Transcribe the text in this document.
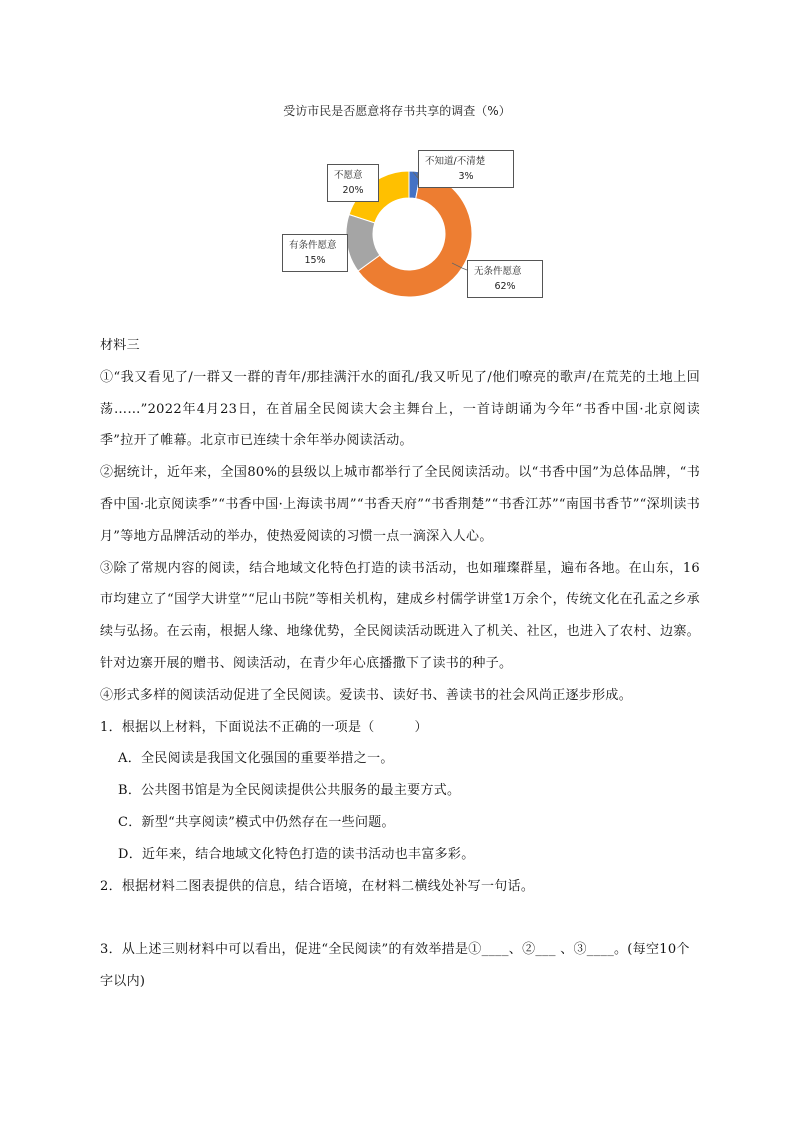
受访市民是否愿意将存书共享的调查（%）
不知道/不清楚
3%
无条件愿意
62%
有条件愿意
15%
不愿意
20%

材料三

①“我又看见了/一群又一群的青年/那挂满汗水的面孔/我又听见了/他们嘹亮的歌声/在荒芜的土地上回荡……”2022年4月23日，在首届全民阅读大会主舞台上，一首诗朗诵为今年“书香中国·北京阅读季”拉开了帷幕。北京市已连续十余年举办阅读活动。

②据统计，近年来，全国80%的县级以上城市都举行了全民阅读活动。以“书香中国”为总体品牌，“书香中国·北京阅读季”“书香中国·上海读书周”“书香天府”“书香荆楚”“书香江苏”“南国书香节”“深圳读书月”等地方品牌活动的举办，使热爱阅读的习惯一点一滴深入人心。

③除了常规内容的阅读，结合地域文化特色打造的读书活动，也如璀璨群星，遍布各地。在山东，16市均建立了“国学大讲堂”“尼山书院”等相关机构，建成乡村儒学讲堂1万余个，传统文化在孔孟之乡承续与弘扬。在云南，根据人缘、地缘优势，全民阅读活动既进入了机关、社区，也进入了农村、边寨。针对边寨开展的赠书、阅读活动，在青少年心底播撒下了读书的种子。

④形式多样的阅读活动促进了全民阅读。爱读书、读好书、善读书的社会风尚正逐步形成。

1．根据以上材料，下面说法不正确的一项是（　　　）

A．全民阅读是我国文化强国的重要举措之一。

B．公共图书馆是为全民阅读提供公共服务的最主要方式。

C．新型“共享阅读”模式中仍然存在一些问题。

D．近年来，结合地域文化特色打造的读书活动也丰富多彩。

2．根据材料二图表提供的信息，结合语境，在材料二横线处补写一句话。

3．从上述三则材料中可以看出，促进“全民阅读”的有效举措是①____、②___ 、③____。(每空10个字以内)
